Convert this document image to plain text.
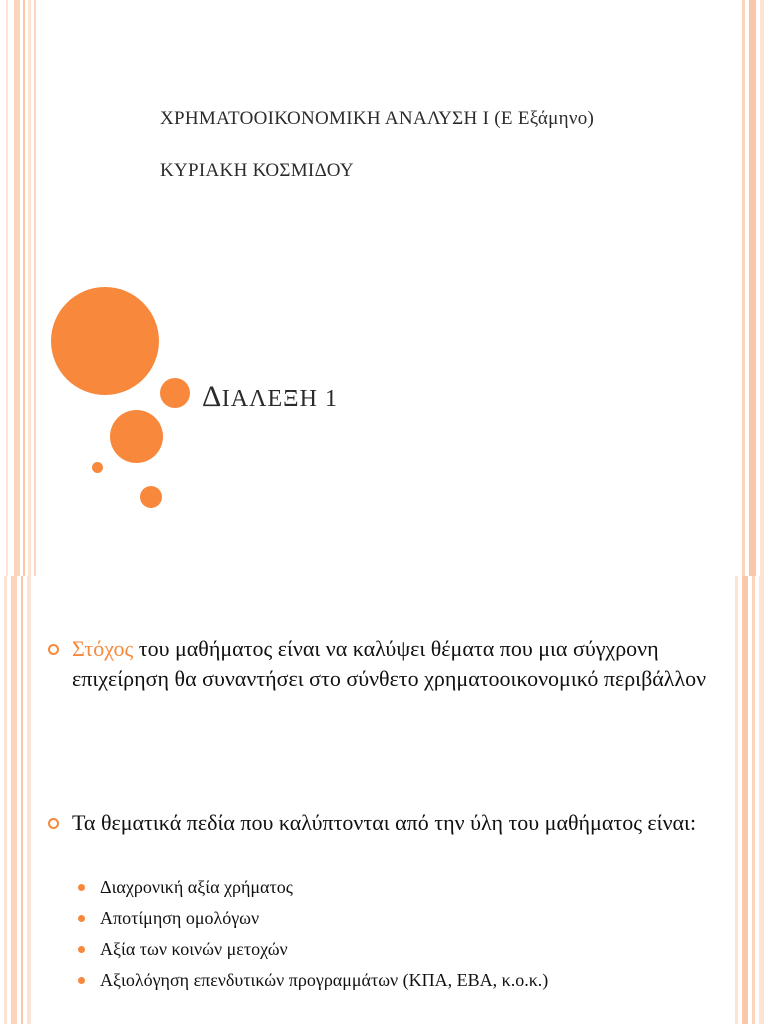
ΧΡΗΜΑΤΟΟΙΚΟΝΟΜΙΚΗ ΑΝΑΛΥΣΗ Ι (Ε Εξάμηνο)
ΚΥΡΙΑΚΗ ΚΟΣΜΙΔΟΥ
ΔΙΑΛΕΞΗ 1
Στόχος του μαθήματος είναι να καλύψει θέματα που μια σύγχρονη επιχείρηση θα συναντήσει στο σύνθετο χρηματοοικονομικό περιβάλλον
Τα θεματικά πεδία που καλύπτονται από την ύλη του μαθήματος είναι:
Διαχρονική αξία χρήματος
Αποτίμηση ομολόγων
Αξία των κοινών μετοχών
Αξιολόγηση επενδυτικών προγραμμάτων (ΚΠΑ, ΕΒΑ, κ.ο.κ.)
